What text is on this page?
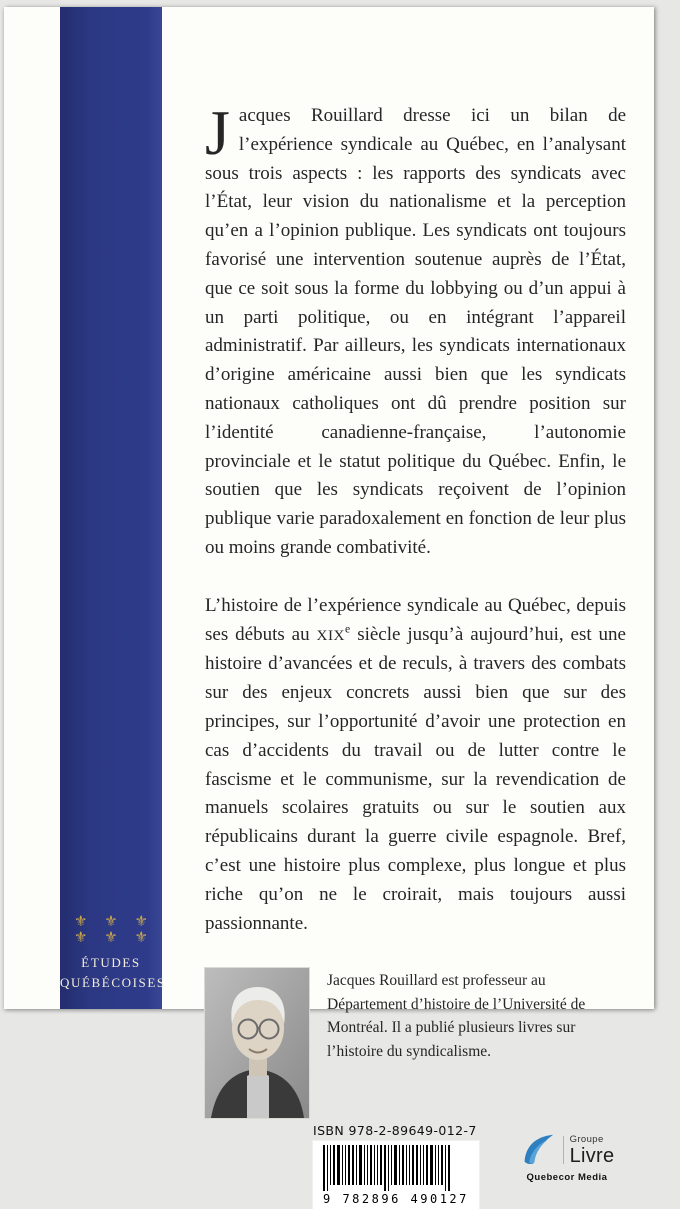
⚜ ⚜ ⚜
⚜ ⚜ ⚜
ÉTUDES
QUÉBÉCOISES

Jacques Rouillard dresse ici un bilan de l’expérience syndicale au Québec, en l’analysant sous trois aspects : les rapports des syndicats avec l’État, leur vision du nationalisme et la perception qu’en a l’opinion publique. Les syndicats ont toujours favorisé une intervention soutenue auprès de l’État, que ce soit sous la forme du lobbying ou d’un appui à un parti politique, ou en intégrant l’appareil administratif. Par ailleurs, les syndicats internationaux d’origine américaine aussi bien que les syndicats nationaux catholiques ont dû prendre position sur l’identité canadienne-française, l’autonomie provinciale et le statut politique du Québec. Enfin, le soutien que les syndicats reçoivent de l’opinion publique varie paradoxalement en fonction de leur plus ou moins grande combativité.

L’histoire de l’expérience syndicale au Québec, depuis ses débuts au XIXe siècle jusqu’à aujourd’hui, est une histoire d’avancées et de reculs, à travers des combats sur des enjeux concrets aussi bien que sur des principes, sur l’opportunité d’avoir une protection en cas d’accidents du travail ou de lutter contre le fascisme et le communisme, sur la revendication de manuels scolaires gratuits ou sur le soutien aux républicains durant la guerre civile espagnole. Bref, c’est une histoire plus complexe, plus longue et plus riche qu’on ne le croirait, mais toujours aussi passionnante.

Jacques Rouillard est professeur au Département d’histoire de l’Université de Montréal. Il a publié plusieurs livres sur l’histoire du syndicalisme.

ISBN 978-2-89649-012-7
9 782896 490127
Groupe
Livre
Quebecor Media
